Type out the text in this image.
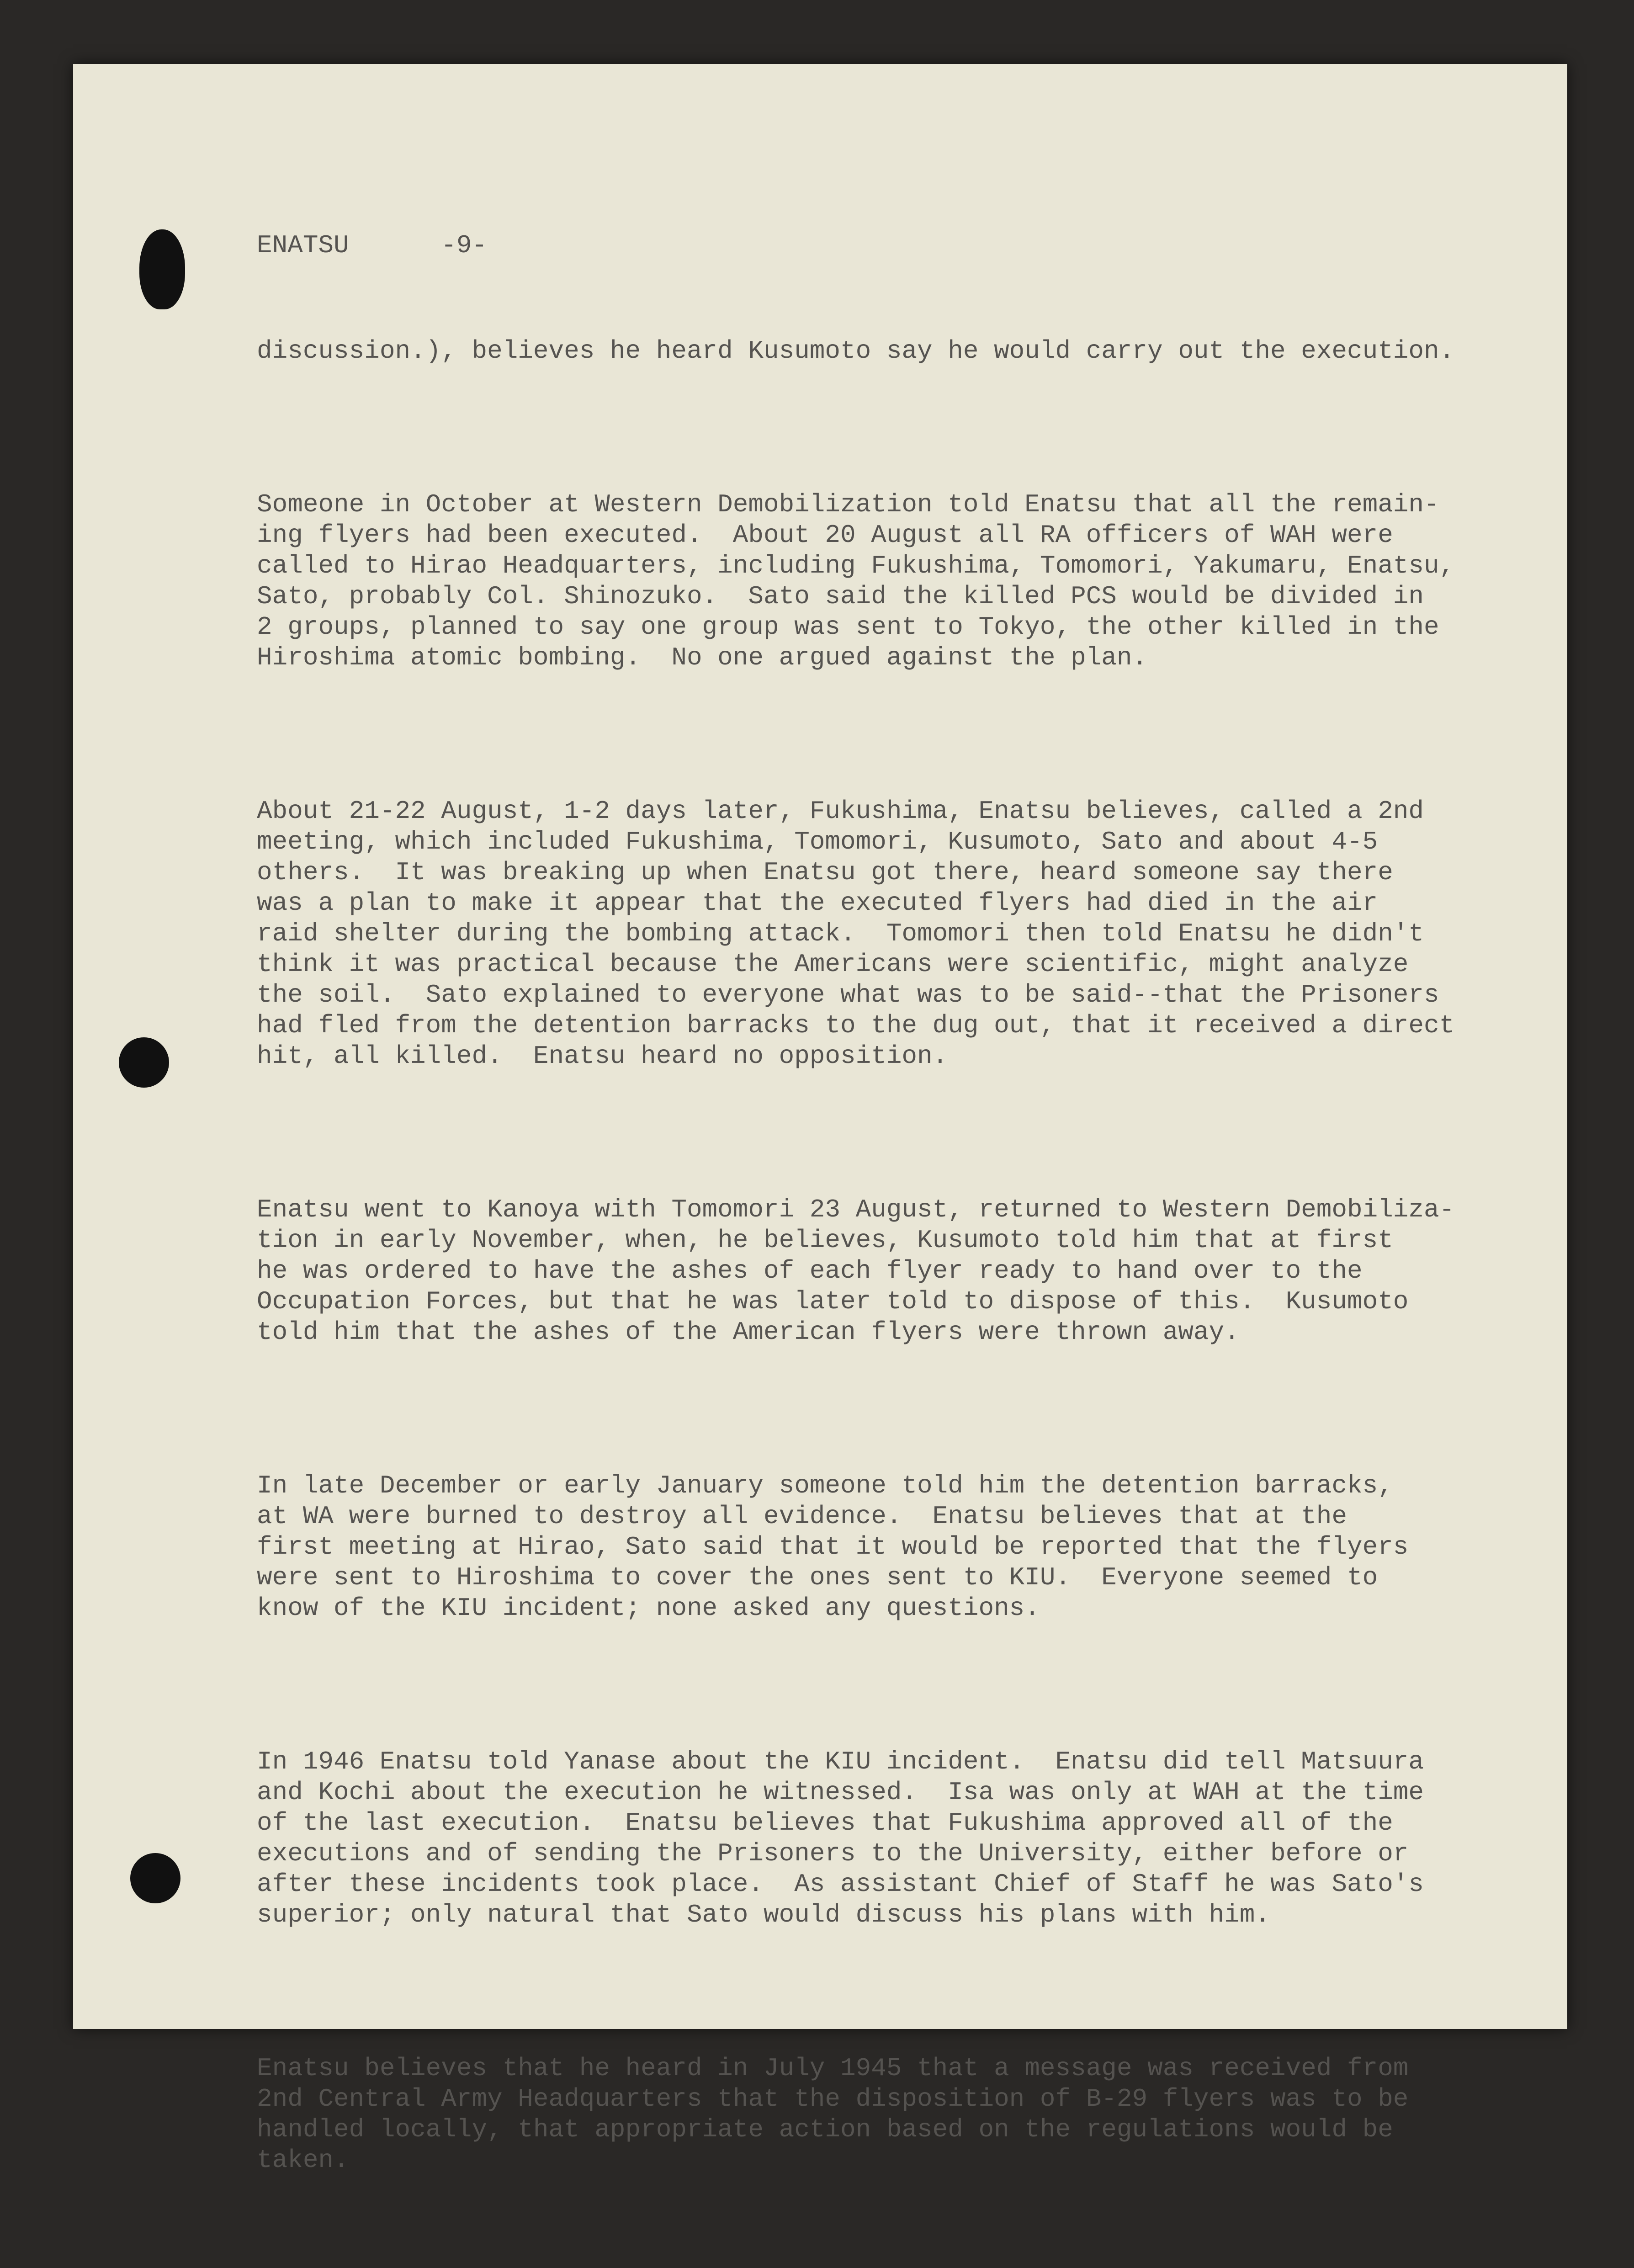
ENATSU	-9-

discussion.), believes he heard Kusumoto say he would carry out the execution.

Someone in October at Western Demobilization told Enatsu that all the remain-
ing flyers had been executed.  About 20 August all RA officers of WAH were
called to Hirao Headquarters, including Fukushima, Tomomori, Yakumaru, Enatsu,
Sato, probably Col. Shinozuko.  Sato said the killed PCS would be divided in
2 groups, planned to say one group was sent to Tokyo, the other killed in the
Hiroshima atomic bombing.  No one argued against the plan.

About 21-22 August, 1-2 days later, Fukushima, Enatsu believes, called a 2nd
meeting, which included Fukushima, Tomomori, Kusumoto, Sato and about 4-5
others.  It was breaking up when Enatsu got there, heard someone say there
was a plan to make it appear that the executed flyers had died in the air
raid shelter during the bombing attack.  Tomomori then told Enatsu he didn't
think it was practical because the Americans were scientific, might analyze
the soil.  Sato explained to everyone what was to be said--that the Prisoners
had fled from the detention barracks to the dug out, that it received a direct
hit, all killed.  Enatsu heard no opposition.

Enatsu went to Kanoya with Tomomori 23 August, returned to Western Demobiliza-
tion in early November, when, he believes, Kusumoto told him that at first
he was ordered to have the ashes of each flyer ready to hand over to the
Occupation Forces, but that he was later told to dispose of this.  Kusumoto
told him that the ashes of the American flyers were thrown away.

In late December or early January someone told him the detention barracks,
at WA were burned to destroy all evidence.  Enatsu believes that at the
first meeting at Hirao, Sato said that it would be reported that the flyers
were sent to Hiroshima to cover the ones sent to KIU.  Everyone seemed to
know of the KIU incident; none asked any questions.

In 1946 Enatsu told Yanase about the KIU incident.  Enatsu did tell Matsuura
and Kochi about the execution he witnessed.  Isa was only at WAH at the time
of the last execution.  Enatsu believes that Fukushima approved all of the
executions and of sending the Prisoners to the University, either before or
after these incidents took place.  As assistant Chief of Staff he was Sato's
superior; only natural that Sato would discuss his plans with him.

Enatsu believes that he heard in July 1945 that a message was received from
2nd Central Army Headquarters that the disposition of B-29 flyers was to be
handled locally, that appropriate action based on the regulations would be
taken.
